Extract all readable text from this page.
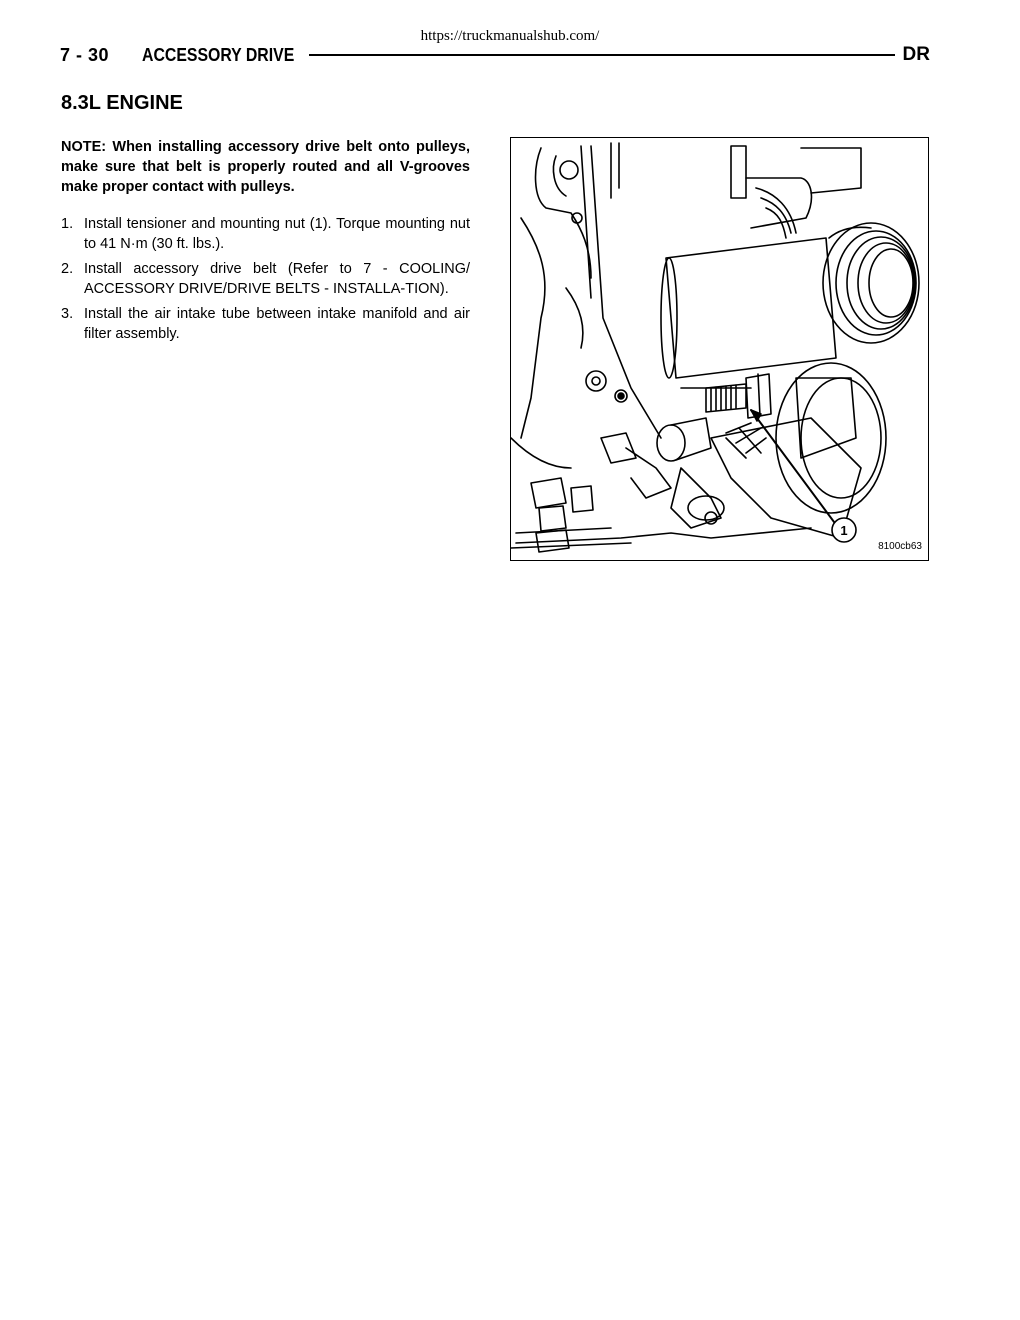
https://truckmanualshub.com/
7 - 30	ACCESSORY DRIVE	DR
8.3L ENGINE
NOTE: When installing accessory drive belt onto pulleys, make sure that belt is properly routed and all V-grooves make proper contact with pulleys.
1. Install tensioner and mounting nut (1). Torque mounting nut to 41 N·m (30 ft. lbs.).
2. Install accessory drive belt (Refer to 7 - COOLING/ ACCESSORY DRIVE/DRIVE BELTS - INSTALLA-TION).
3. Install the air intake tube between intake manifold and air filter assembly.
1
8100cb63
